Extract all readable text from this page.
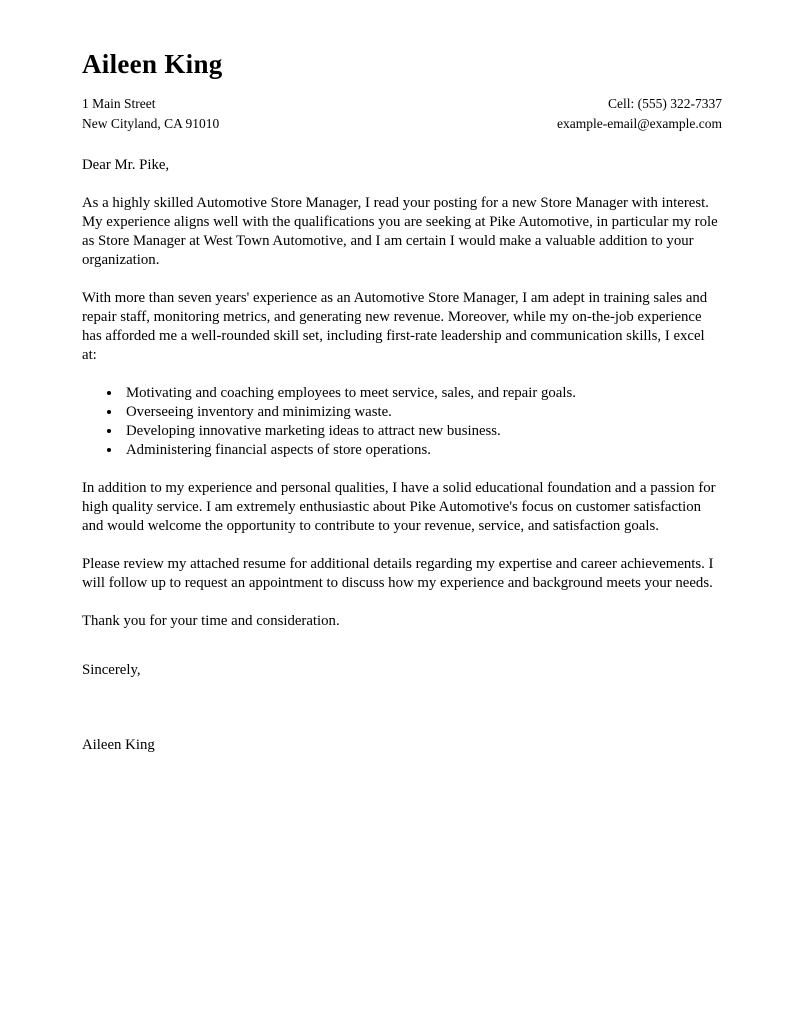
Aileen King
1 Main Street
New Cityland, CA 91010
Cell: (555) 322-7337
example-email@example.com

Dear Mr. Pike,

As a highly skilled Automotive Store Manager, I read your posting for a new Store Manager with interest. My experience aligns well with the qualifications you are seeking at Pike Automotive, in particular my role as Store Manager at West Town Automotive, and I am certain I would make a valuable addition to your organization.

With more than seven years' experience as an Automotive Store Manager, I am adept in training sales and repair staff, monitoring metrics, and generating new revenue. Moreover, while my on-the-job experience has afforded me a well-rounded skill set, including first-rate leadership and communication skills, I excel at:

• Motivating and coaching employees to meet service, sales, and repair goals.
• Overseeing inventory and minimizing waste.
• Developing innovative marketing ideas to attract new business.
• Administering financial aspects of store operations.

In addition to my experience and personal qualities, I have a solid educational foundation and a passion for high quality service. I am extremely enthusiastic about Pike Automotive's focus on customer satisfaction and would welcome the opportunity to contribute to your revenue, service, and satisfaction goals.

Please review my attached resume for additional details regarding my expertise and career achievements. I will follow up to request an appointment to discuss how my experience and background meets your needs.

Thank you for your time and consideration.

Sincerely,

Aileen King
